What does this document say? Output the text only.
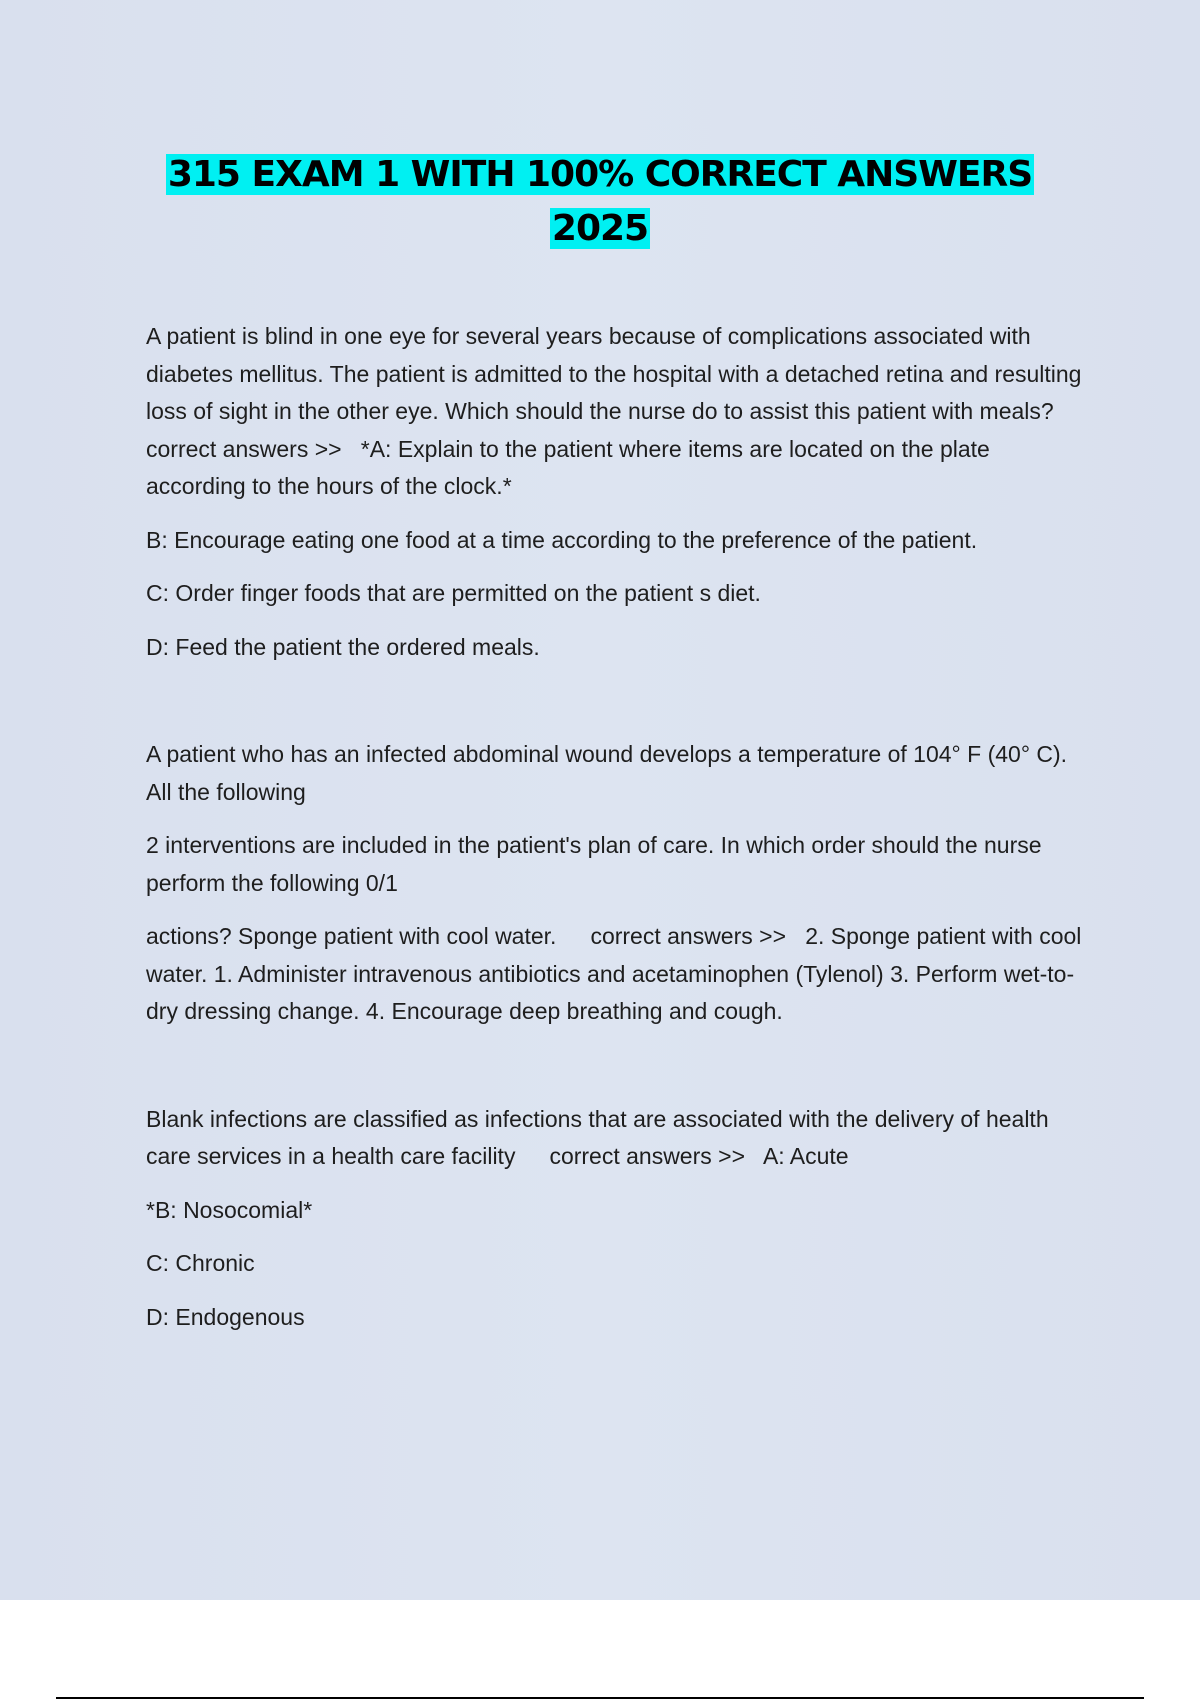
315 EXAM 1 WITH 100% CORRECT ANSWERS
2025

A patient is blind in one eye for several years because of complications associated with diabetes mellitus. The patient is admitted to the hospital with a detached retina and resulting loss of sight in the other eye. Which should the nurse do to assist this patient with meals?correct answers >> *A: Explain to the patient where items are located on the plate according to the hours of the clock.*

B: Encourage eating one food at a time according to the preference of the patient.

C: Order finger foods that are permitted on the patient s diet.

D: Feed the patient the ordered meals.

A patient who has an infected abdominal wound develops a temperature of 104° F (40° C). All the following

2 interventions are included in the patient's plan of care. In which order should the nurse perform the following 0/1

actions? Sponge patient with cool water. correct answers >> 2. Sponge patient with cool water. 1. Administer intravenous antibiotics and acetaminophen (Tylenol) 3. Perform wet-to-dry dressing change. 4. Encourage deep breathing and cough.

Blank infections are classified as infections that are associated with the delivery of health care services in a health care facility correct answers >> A: Acute

*B: Nosocomial*

C: Chronic

D: Endogenous
